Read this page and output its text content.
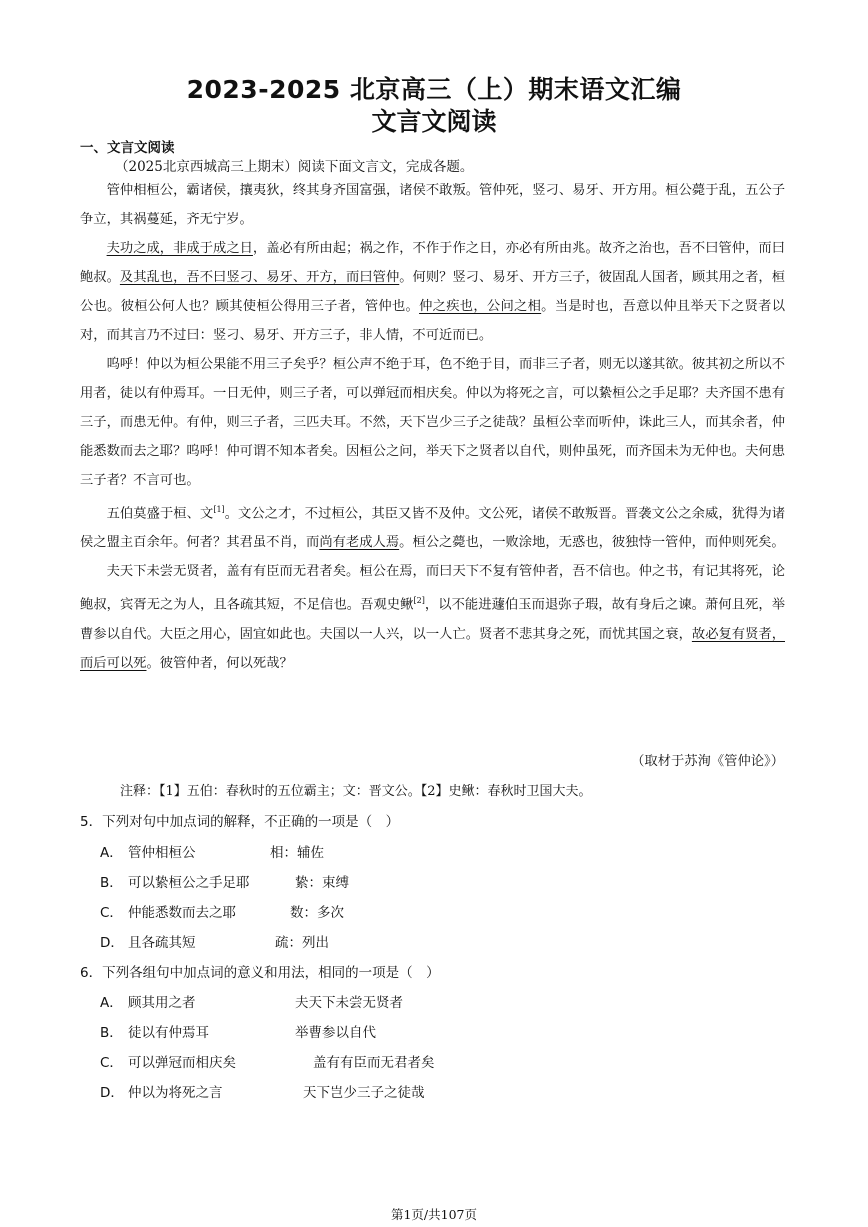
2023-2025 北京高三（上）期末语文汇编
文言文阅读
一、文言文阅读
（2025北京西城高三上期末）阅读下面文言文，完成各题。

管仲相桓公，霸诸侯，攘夷狄，终其身齐国富强，诸侯不敢叛。管仲死，竖刁、易牙、开方用。桓公薨于乱，五公子争立，其祸蔓延，齐无宁岁。

夫功之成，非成于成之日，盖必有所由起；祸之作，不作于作之日，亦必有所由兆。故齐之治也，吾不曰管仲，而曰鲍叔。及其乱也，吾不曰竖刁、易牙、开方，而曰管仲。何则？竖刁、易牙、开方三子，彼固乱人国者，顾其用之者，桓公也。彼桓公何人也？顾其使桓公得用三子者，管仲也。仲之疾也，公问之相。当是时也，吾意以仲且举天下之贤者以对，而其言乃不过曰：竖刁、易牙、开方三子，非人情，不可近而已。

呜呼！仲以为桓公果能不用三子矣乎？桓公声不绝于耳，色不绝于目，而非三子者，则无以遂其欲。彼其初之所以不用者，徒以有仲焉耳。一日无仲，则三子者，可以弹冠而相庆矣。仲以为将死之言，可以絷桓公之手足耶？夫齐国不患有三子，而患无仲。有仲，则三子者，三匹夫耳。不然，天下岂少三子之徒哉？虽桓公幸而听仲，诛此三人，而其余者，仲能悉数而去之耶？呜呼！仲可谓不知本者矣。因桓公之问，举天下之贤者以自代，则仲虽死，而齐国未为无仲也。夫何患三子者？不言可也。

五伯莫盛于桓、文[1]。文公之才，不过桓公，其臣又皆不及仲。文公死，诸侯不敢叛晋。晋袭文公之余威，犹得为诸侯之盟主百余年。何者？其君虽不肖，而尚有老成人焉。桓公之薨也，一败涂地，无惑也，彼独恃一管仲，而仲则死矣。

夫天下未尝无贤者，盖有有臣而无君者矣。桓公在焉，而曰天下不复有管仲者，吾不信也。仲之书，有记其将死，论鲍叔，宾胥无之为人，且各疏其短，不足信也。吾观史鳅[2]，以不能进蘧伯玉而退弥子瑕，故有身后之谏。萧何且死，举曹参以自代。大臣之用心，固宜如此也。夫国以一人兴，以一人亡。贤者不悲其身之死，而忧其国之衰，故必复有贤者，而后可以死。彼管仲者，何以死哉？

（取材于苏洵《管仲论》）
注释：【1】五伯：春秋时的五位霸主；文：晋文公。【2】史鳅：春秋时卫国大夫。
5．下列对句中加点词的解释，不正确的一项是（　）
A． 管仲相桓公	相：辅佐
B． 可以絷桓公之手足耶	絷：束缚
C． 仲能悉数而去之耶	数：多次
D． 且各疏其短	疏：列出
6．下列各组句中加点词的意义和用法，相同的一项是（　）
A． 顾其用之者	夫天下未尝无贤者
B． 徒以有仲焉耳	举曹参以自代
C． 可以弹冠而相庆矣	盖有有臣而无君者矣
D． 仲以为将死之言	天下岂少三子之徒哉
第1页/共107页
